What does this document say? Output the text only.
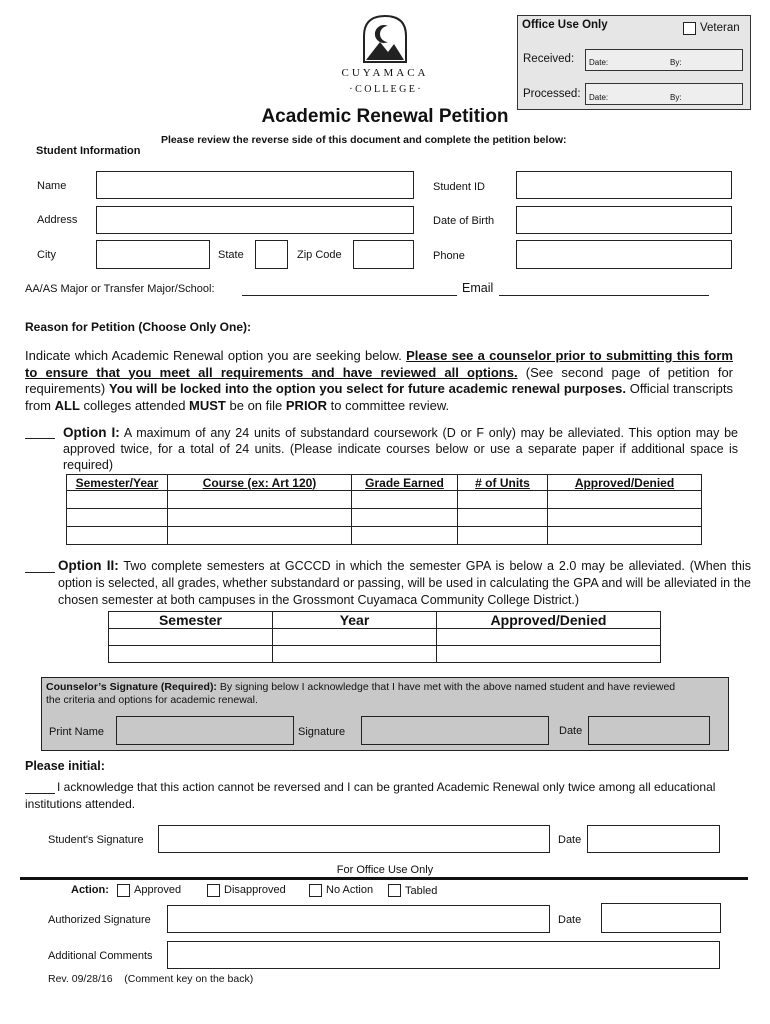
CUYAMACA
· C O L L E G E ·
Office Use Only	Veteran
Received: Date:	By:
Processed: Date:	By:
Academic Renewal Petition
Please review the reverse side of this document and complete the petition below:
Student Information
Name	Student ID
Address	Date of Birth
City	State	Zip Code	Phone
AA/AS Major or Transfer Major/School:	Email
Reason for Petition (Choose Only One):
Indicate which Academic Renewal option you are seeking below. Please see a counselor prior to submitting this form to ensure that you meet all requirements and have reviewed all options. (See second page of petition for requirements) You will be locked into the option you select for future academic renewal purposes. Official transcripts from ALL colleges attended MUST be on file PRIOR to committee review.
Option I: A maximum of any 24 units of substandard coursework (D or F only) may be alleviated. This option may be approved twice, for a total of 24 units. (Please indicate courses below or use a separate paper if additional space is required)
Semester/Year	Course (ex: Art 120)	Grade Earned	# of Units	Approved/Denied

Option II: Two complete semesters at GCCCD in which the semester GPA is below a 2.0 may be alleviated. (When this option is selected, all grades, whether substandard or passing, will be used in calculating the GPA and will be alleviated in the chosen semester at both campuses in the Grossmont Cuyamaca Community College District.)
Semester	Year	Approved/Denied

Counselor’s Signature (Required): By signing below I acknowledge that I have met with the above named student and have reviewed the criteria and options for academic renewal.
Print Name	Signature	Date
Please initial:
I acknowledge that this action cannot be reversed and I can be granted Academic Renewal only twice among all educational institutions attended.
Student's Signature	Date
For Office Use Only
Action: Approved	Disapproved	No Action	Tabled
Authorized Signature	Date
Additional Comments
Rev. 09/28/16    (Comment key on the back)
